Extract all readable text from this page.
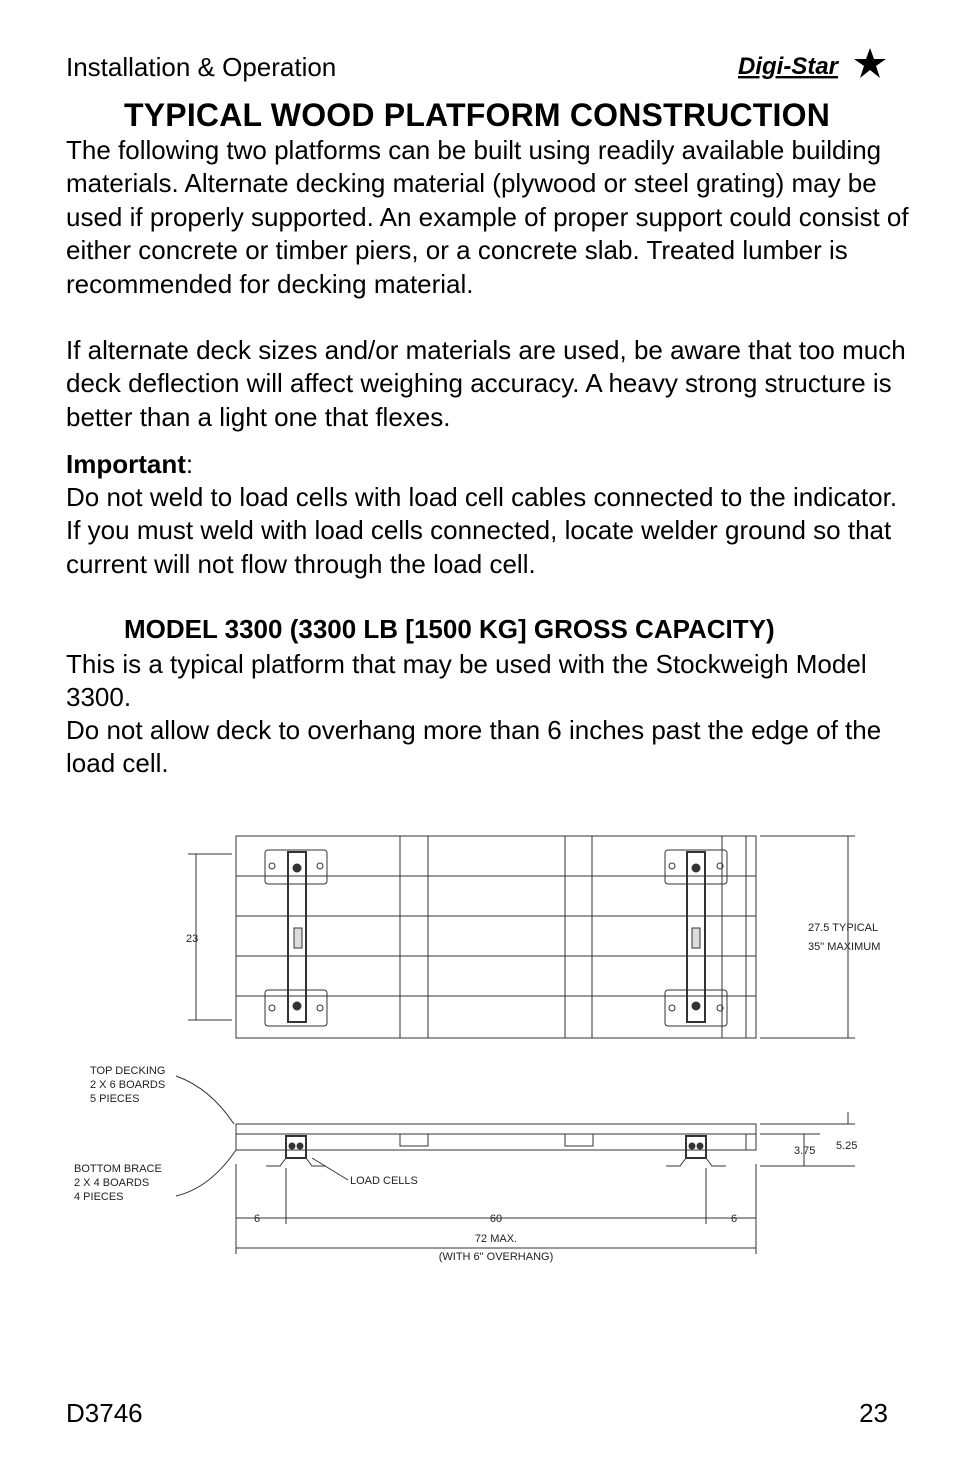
Installation & Operation	Digi-Star
TYPICAL WOOD PLATFORM CONSTRUCTION
The following two platforms can be built using readily available building materials. Alternate decking material (plywood or steel grating) may be used if properly supported. An example of proper support could consist of either concrete or timber piers, or a concrete slab. Treated lumber is recommended for decking material.
If alternate deck sizes and/or materials are used, be aware that too much deck deflection will affect weighing accuracy. A heavy strong structure is better than a light one that flexes.
Important:
Do not weld to load cells with load cell cables connected to the indicator. If you must weld with load cells connected, locate welder ground so that current will not flow through the load cell.
MODEL 3300 (3300 LB [1500 KG] GROSS CAPACITY)
This is a typical platform that may be used with the Stockweigh Model 3300.
Do not allow deck to overhang more than 6 inches past the edge of the load cell.
23
27.5 TYPICAL
35" MAXIMUM
TOP DECKING
2 X 6 BOARDS
5 PIECES
BOTTOM BRACE
2 X 4 BOARDS
4 PIECES
LOAD CELLS
3.75 5.25
6	60	6
72 MAX.
(WITH 6" OVERHANG)
D3746	23
